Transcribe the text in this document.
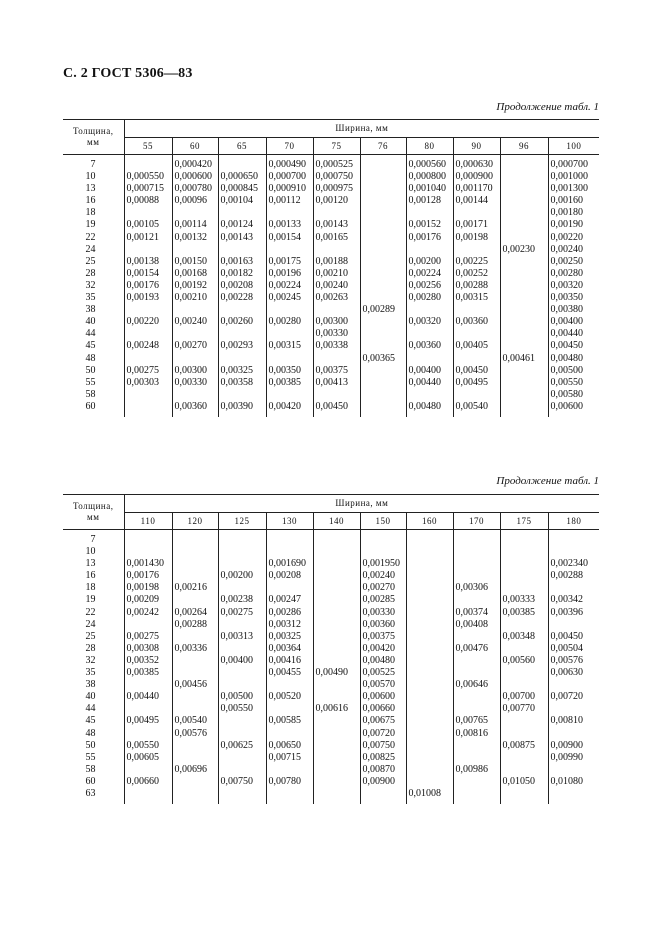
С. 2 ГОСТ 5306—83
Продолжение табл. 1
Толщина,
мм	Ширина, мм									
	55	60	65	70	75	76	80	90	96	100
7		0,000420		0,000490	0,000525		0,000560	0,000630		0,000700
10	0,000550	0,000600	0,000650	0,000700	0,000750		0,000800	0,000900		0,001000
13	0,000715	0,000780	0,000845	0,000910	0,000975		0,001040	0,001170		0,001300
16	0,00088	0,00096	0,00104	0,00112	0,00120		0,00128	0,00144		0,00160
18										0,00180
19	0,00105	0,00114	0,00124	0,00133	0,00143		0,00152	0,00171		0,00190
22	0,00121	0,00132	0,00143	0,00154	0,00165		0,00176	0,00198		0,00220
24									0,00230	0,00240
25	0,00138	0,00150	0,00163	0,00175	0,00188		0,00200	0,00225		0,00250
28	0,00154	0,00168	0,00182	0,00196	0,00210		0,00224	0,00252		0,00280
32	0,00176	0,00192	0,00208	0,00224	0,00240		0,00256	0,00288		0,00320
35	0,00193	0,00210	0,00228	0,00245	0,00263		0,00280	0,00315		0,00350
38						0,00289				0,00380
40	0,00220	0,00240	0,00260	0,00280	0,00300		0,00320	0,00360		0,00400
44					0,00330					0,00440
45	0,00248	0,00270	0,00293	0,00315	0,00338		0,00360	0,00405		0,00450
48						0,00365			0,00461	0,00480
50	0,00275	0,00300	0,00325	0,00350	0,00375		0,00400	0,00450		0,00500
55	0,00303	0,00330	0,00358	0,00385	0,00413		0,00440	0,00495		0,00550
58										0,00580
60		0,00360	0,00390	0,00420	0,00450		0,00480	0,00540		0,00600
Продолжение табл. 1
Толщина,
мм	Ширина, мм									
	110	120	125	130	140	150	160	170	175	180
7										
10										
13	0,001430			0,001690		0,001950				0,002340
16	0,00176		0,00200	0,00208		0,00240				0,00288
18	0,00198	0,00216				0,00270		0,00306		
19	0,00209		0,00238	0,00247		0,00285			0,00333	0,00342
22	0,00242	0,00264	0,00275	0,00286		0,00330		0,00374	0,00385	0,00396
24		0,00288		0,00312		0,00360		0,00408		
25	0,00275		0,00313	0,00325		0,00375			0,00348	0,00450
28	0,00308	0,00336		0,00364		0,00420		0,00476		0,00504
32	0,00352		0,00400	0,00416		0,00480			0,00560	0,00576
35	0,00385			0,00455	0,00490	0,00525				0,00630
38		0,00456				0,00570		0,00646		
40	0,00440		0,00500	0,00520		0,00600			0,00700	0,00720
44			0,00550		0,00616	0,00660			0,00770	
45	0,00495	0,00540		0,00585		0,00675		0,00765		0,00810
48		0,00576				0,00720		0,00816		
50	0,00550		0,00625	0,00650		0,00750			0,00875	0,00900
55	0,00605			0,00715		0,00825				0,00990
58		0,00696				0,00870		0,00986		
60	0,00660		0,00750	0,00780		0,00900			0,01050	0,01080
63							0,01008			
